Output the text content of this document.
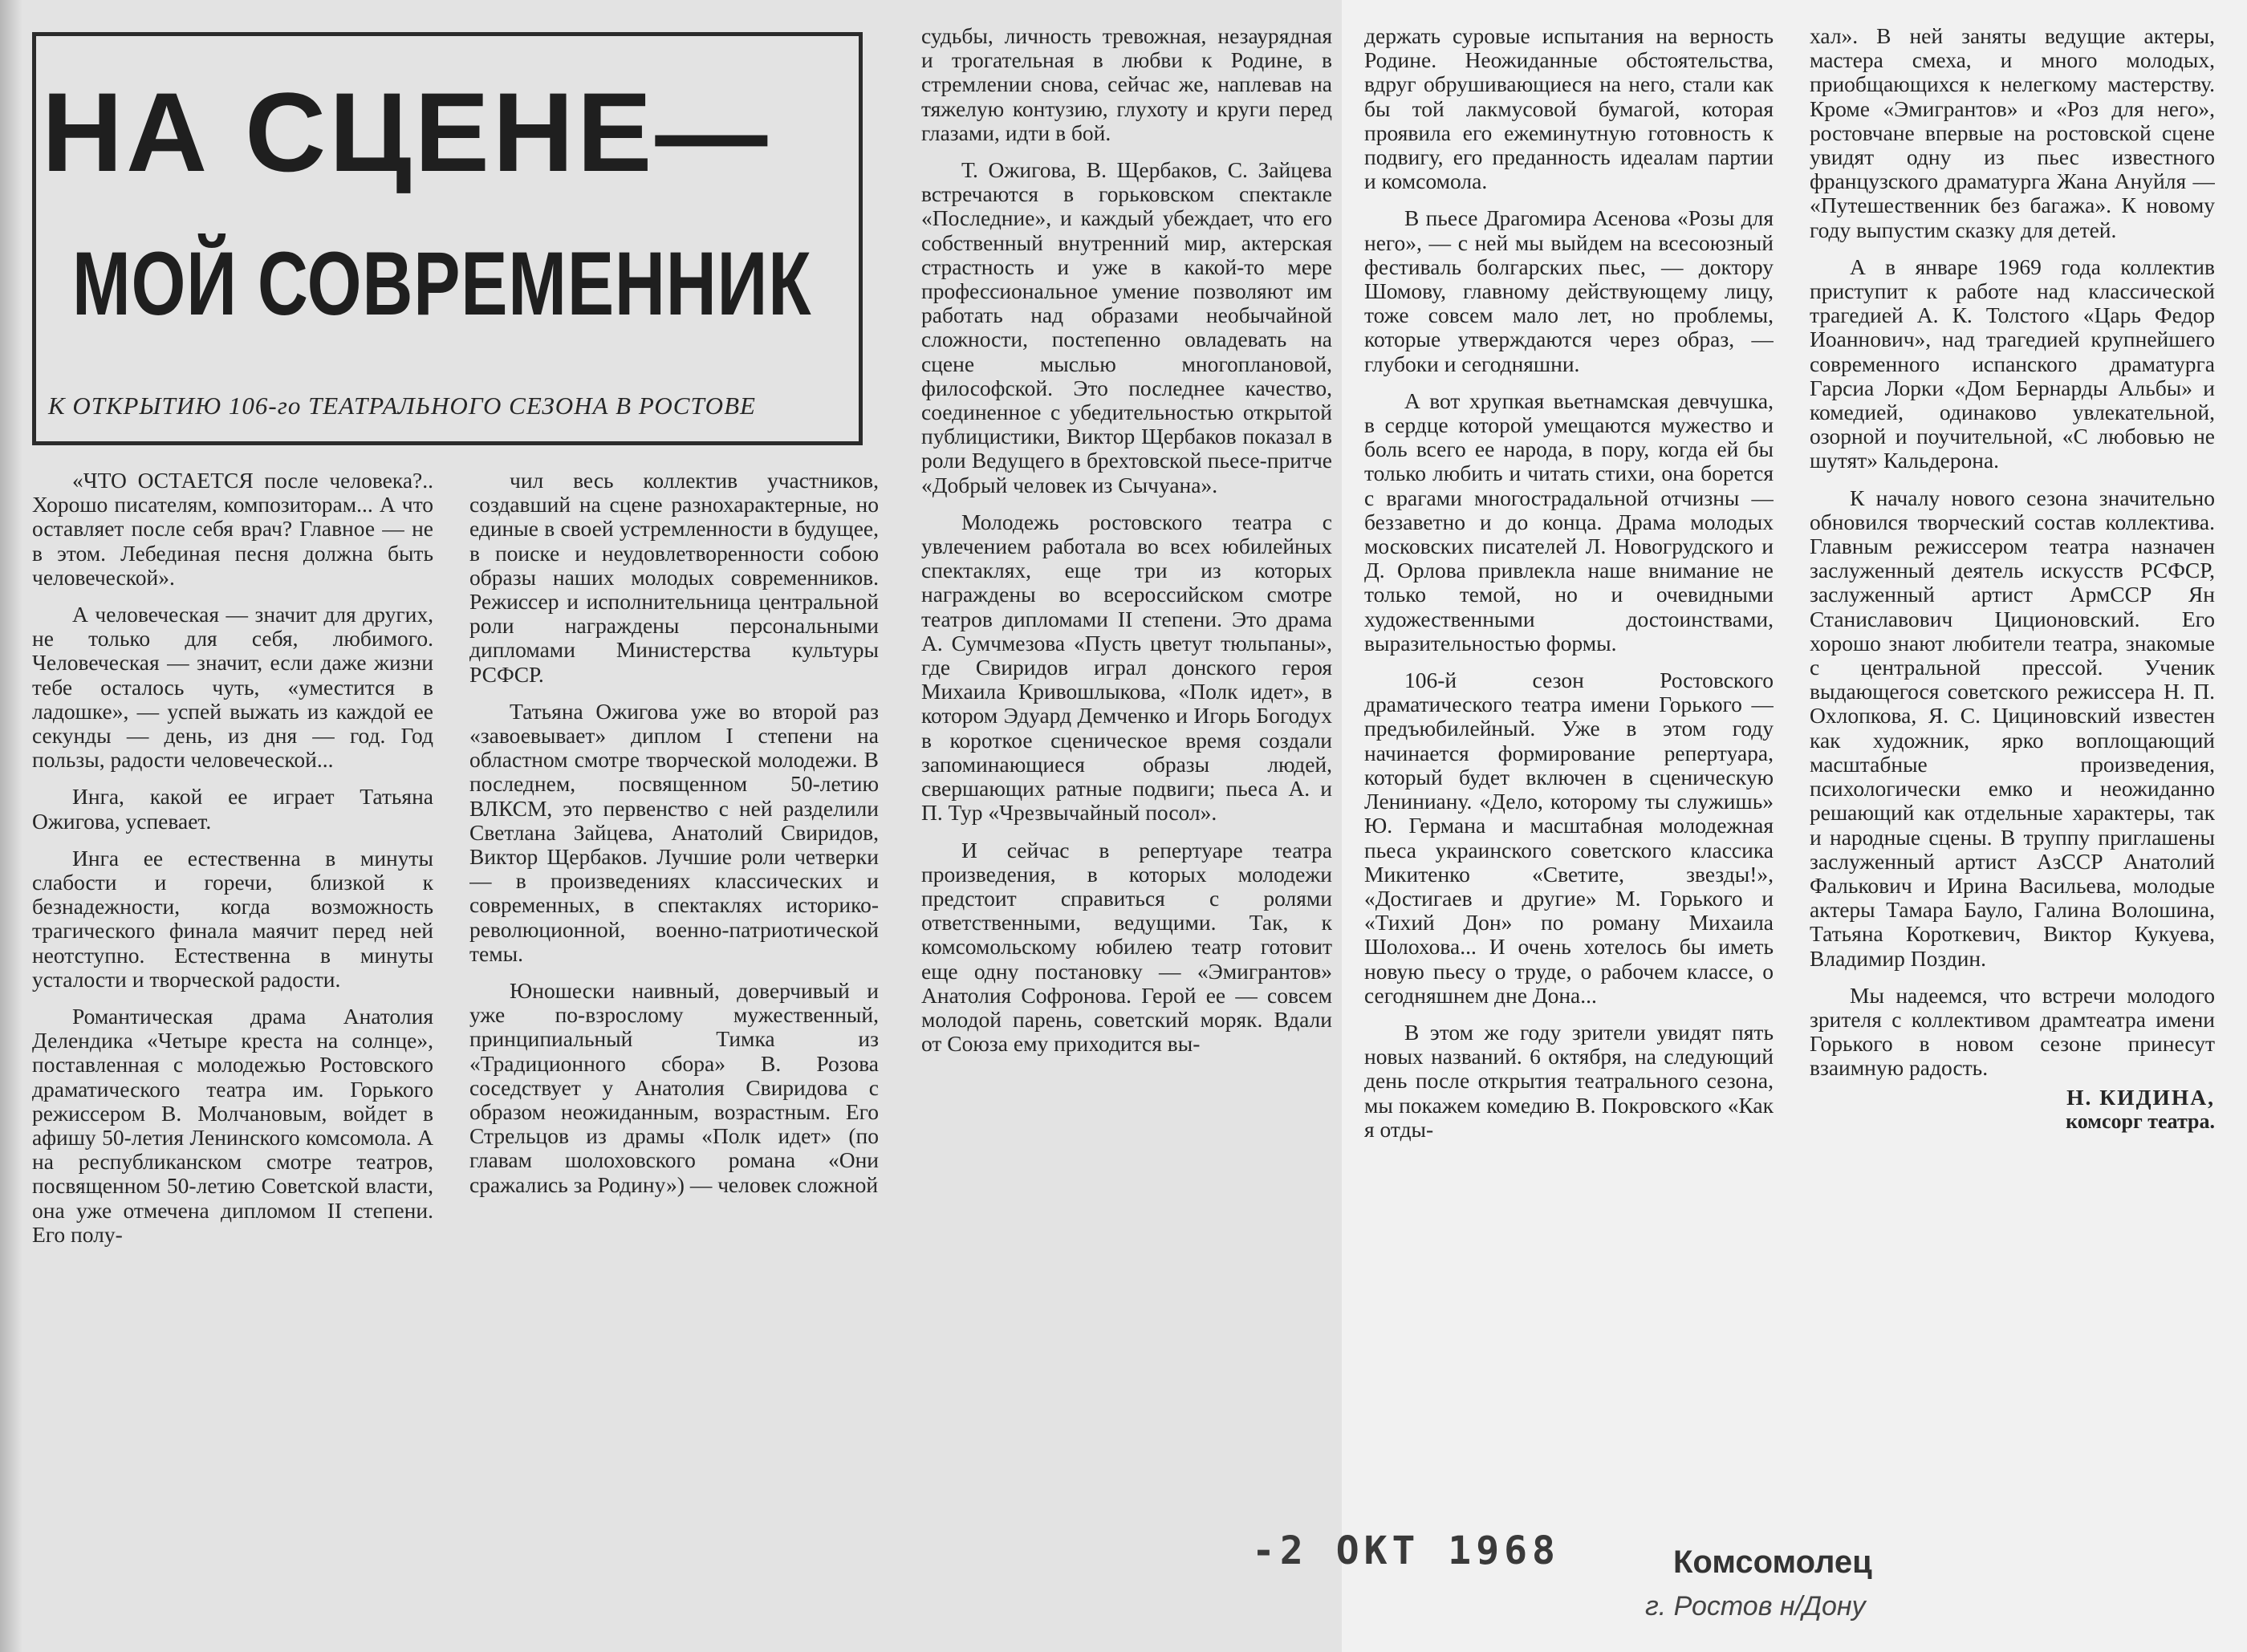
НА СЦЕНЕ—
МОЙ СОВРЕМЕННИК
К ОТКРЫТИЮ 106-го ТЕАТРАЛЬНОГО СЕЗОНА В РОСТОВЕ

«ЧТО ОСТАЕТСЯ после человека?.. Хорошо писателям, композиторам... А что оставляет после себя врач? Главное — не в этом. Лебединая песня должна быть человеческой».

А человеческая — значит для других, не только для себя, любимого. Человеческая — значит, если даже жизни тебе осталось чуть, «уместится в ладошке», — успей выжать из каждой ее секунды — день, из дня — год. Год пользы, радости человеческой...

Инга, какой ее играет Татьяна Ожигова, успевает.

Инга ее естественна в минуты слабости и горечи, близкой к безнадежности, когда возможность трагического финала маячит перед ней неотступно. Естественна в минуты усталости и творческой радости.

Романтическая драма Анатолия Делендика «Четыре креста на солнце», поставленная с молодежью Ростовского драматического театра им. Горького режиссером В. Молчановым, войдет в афишу 50-летия Ленинского комсомола. А на республиканском смотре театров, посвященном 50-летию Советской власти, она уже отмечена дипломом II степени. Его полу-

чил весь коллектив участников, создавший на сцене разнохарактерные, но единые в своей устремленности в будущее, в поиске и неудовлетворенности собою образы наших молодых современников. Режиссер и исполнительница центральной роли награждены персональными дипломами Министерства культуры РСФСР.

Татьяна Ожигова уже во второй раз «завоевывает» диплом I степени на областном смотре творческой молодежи. В последнем, посвященном 50-летию ВЛКСМ, это первенство с ней разделили Светлана Зайцева, Анатолий Свиридов, Виктор Щербаков. Лучшие роли четверки — в произведениях классических и современных, в спектаклях историко-революционной, военно-патриотической темы.

Юношески наивный, доверчивый и уже по-взрослому мужественный, принципиальный Тимка из «Традиционного сбора» В. Розова соседствует у Анатолия Свиридова с образом неожиданным, возрастным. Его Стрельцов из драмы «Полк идет» (по главам шолоховского романа «Они сражались за Родину») — человек сложной

судьбы, личность тревожная, незаурядная и трогательная в любви к Родине, в стремлении снова, сейчас же, наплевав на тяжелую контузию, глухоту и круги перед глазами, идти в бой.

Т. Ожигова, В. Щербаков, С. Зайцева встречаются в горьковском спектакле «Последние», и каждый убеждает, что его собственный внутренний мир, актерская страстность и уже в какой-то мере профессиональное умение позволяют им работать над образами необычайной сложности, постепенно овладевать на сцене мыслью многоплановой, философской. Это последнее качество, соединенное с убедительностью открытой публицистики, Виктор Щербаков показал в роли Ведущего в брехтовской пьесе-притче «Добрый человек из Сычуана».

Молодежь ростовского театра с увлечением работала во всех юбилейных спектаклях, еще три из которых награждены во всероссийском смотре театров дипломами II степени. Это драма А. Сумчмезова «Пусть цветут тюльпаны», где Свиридов играл донского героя Михаила Кривошлыкова, «Полк идет», в котором Эдуард Демченко и Игорь Богодух в короткое сценическое время создали запоминающиеся образы людей, свершающих ратные подвиги; пьеса А. и П. Тур «Чрезвычайный посол».

И сейчас в репертуаре театра произведения, в которых молодежи предстоит справиться с ролями ответственными, ведущими. Так, к комсомольскому юбилею театр готовит еще одну постановку — «Эмигрантов» Анатолия Софронова. Герой ее — совсем молодой парень, советский моряк. Вдали от Союза ему приходится вы-

держать суровые испытания на верность Родине. Неожиданные обстоятельства, вдруг обрушивающиеся на него, стали как бы той лакмусовой бумагой, которая проявила его ежеминутную готовность к подвигу, его преданность идеалам партии и комсомола.

В пьесе Драгомира Асенова «Розы для него», — с ней мы выйдем на всесоюзный фестиваль болгарских пьес, — доктору Шомову, главному действующему лицу, тоже совсем мало лет, но проблемы, которые утверждаются через образ, — глубоки и сегодняшни.

А вот хрупкая вьетнамская девчушка, в сердце которой умещаются мужество и боль всего ее народа, в пору, когда ей бы только любить и читать стихи, она борется с врагами многострадальной отчизны — беззаветно и до конца. Драма молодых московских писателей Л. Новогрудского и Д. Орлова привлекла наше внимание не только темой, но и очевидными художественными достоинствами, выразительностью формы.

106-й сезон Ростовского драматического театра имени Горького — предъюбилейный. Уже в этом году начинается формирование репертуара, который будет включен в сценическую Лениниану. «Дело, которому ты служишь» Ю. Германа и масштабная молодежная пьеса украинского советского классика Микитенко «Светите, звезды!», «Достигаев и другие» М. Горького и «Тихий Дон» по роману Михаила Шолохова... И очень хотелось бы иметь новую пьесу о труде, о рабочем классе, о сегодняшнем дне Дона...

В этом же году зрители увидят пять новых названий. 6 октября, на следующий день после открытия театрального сезона, мы покажем комедию В. Покровского «Как я отды-

хал». В ней заняты ведущие актеры, мастера смеха, и много молодых, приобщающихся к нелегкому мастерству. Кроме «Эмигрантов» и «Роз для него», ростовчане впервые на ростовской сцене увидят одну из пьес известного французского драматурга Жана Ануйля — «Путешественник без багажа». К новому году выпустим сказку для детей.

А в январе 1969 года коллектив приступит к работе над классической трагедией А. К. Толстого «Царь Федор Иоаннович», над трагедией крупнейшего современного испанского драматурга Гарсиа Лорки «Дом Бернарды Альбы» и комедией, одинаково увлекательной, озорной и поучительной, «С любовью не шутят» Кальдерона.

К началу нового сезона значительно обновился творческий состав коллектива. Главным режиссером театра назначен заслуженный деятель искусств РСФСР, заслуженный артист АрмССР Ян Станиславович Циционовский. Его хорошо знают любители театра, знакомые с центральной прессой. Ученик выдающегося советского режиссера Н. П. Охлопкова, Я. С. Цициновский известен как художник, ярко воплощающий масштабные произведения, психологически емко и неожиданно решающий как отдельные характеры, так и народные сцены. В труппу приглашены заслуженный артист АзССР Анатолий Фалькович и Ирина Васильева, молодые актеры Тамара Бауло, Галина Волошина, Татьяна Короткевич, Виктор Кукуева, Владимир Поздин.

Мы надеемся, что встречи молодого зрителя с коллективом драмтеатра имени Горького в новом сезоне принесут взаимную радость.

Н. КИДИНА,
комсорг театра.
-2 ОКТ 1968	Комсомолец
г. Ростов н/Дону
